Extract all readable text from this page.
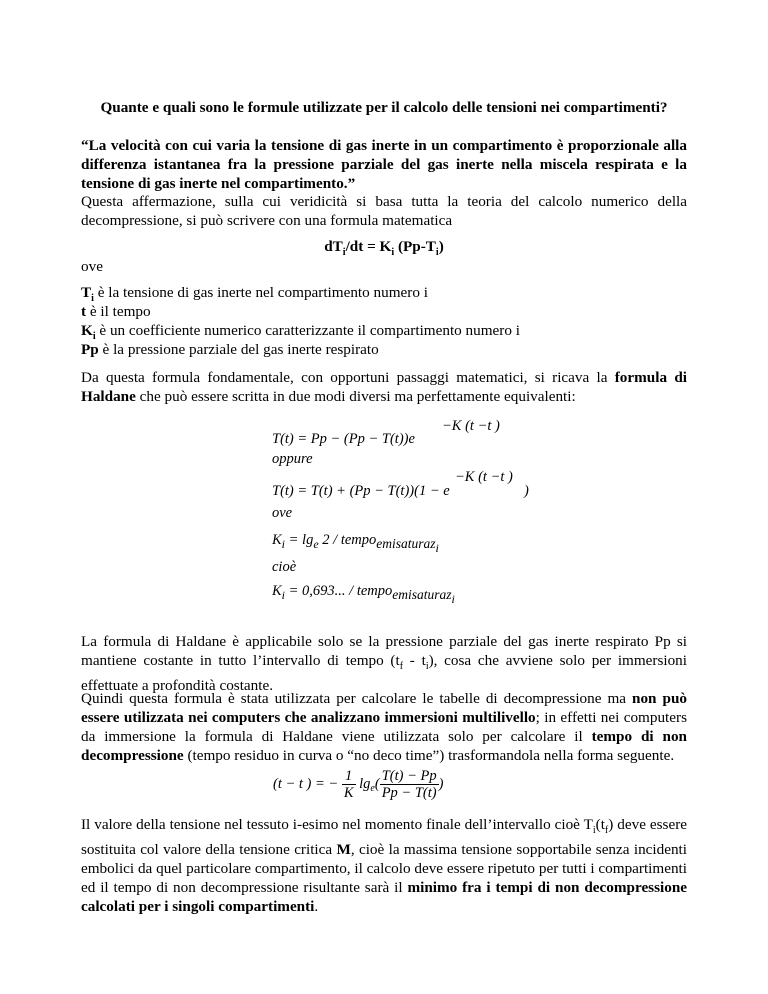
Quante e quali sono le formule utilizzate per il calcolo delle tensioni nei compartimenti?

“La velocità con cui varia la tensione di gas inerte in un compartimento è proporzionale alla differenza istantanea fra la pressione parziale del gas inerte nella miscela respirata e la tensione di gas inerte nel compartimento.”

Questa affermazione, sulla cui veridicità si basa tutta la teoria del calcolo numerico della decompressione, si può scrivere con una formula matematica

$dT_i/dt = K_i$ $(Pp-T_i)$

ove

$T_i$ è la tensione di gas inerte nel compartimento numero i

t è il tempo

$K_i$ è un coefficiente numerico caratterizzante il compartimento numero i

Pp è la pressione parziale del gas inerte respirato

Da questa formula fondamentale, con opportuni passaggi matematici, si ricava la formula di Haldane che può essere scritta in due modi diversi ma perfettamente equivalenti:

−K (t −t )
T(t) = Pp − (Pp − T(t))e
oppure
−K (t −t )
T(t) = T(t) + (Pp − T(t))(1 − e	)
ove
$K_i = \lg_e 2$ / tempoemisaturaz$_i$
cioè
$K_i = 0,693$... / tempoemisaturaz$_i$

La formula di Haldane è applicabile solo se la pressione parziale del gas inerte respirato Pp si mantiene costante in tutto l’intervallo di tempo $(t_f - t_i)$, cosa che avviene solo per immersioni effettuate a profondità costante.

Quindi questa formula è stata utilizzata per calcolare le tabelle di decompressione ma non può essere utilizzata nei computers che analizzano immersioni multilivello; in effetti nei computers da immersione la formula di Haldane viene utilizzata solo per calcolare il tempo di non decompressione (tempo residuo in curva o “no deco time”) trasformandola nella forma seguente.

(t − t ) = − $\frac{1}{K} \lg_e( \frac{T(t) - Pp}{Pp - T(t)}$ )

Il valore della tensione nel tessuto i-esimo nel momento finale dell’intervallo cioè $T_i(t_f)$ deve essere sostituita col valore della tensione critica M, cioè la massima tensione sopportabile senza incidenti embolici da quel particolare compartimento, il calcolo deve essere ripetuto per tutti i compartimenti ed il tempo di non decompressione risultante sarà il minimo fra i tempi di non decompressione calcolati per i singoli compartimenti.
